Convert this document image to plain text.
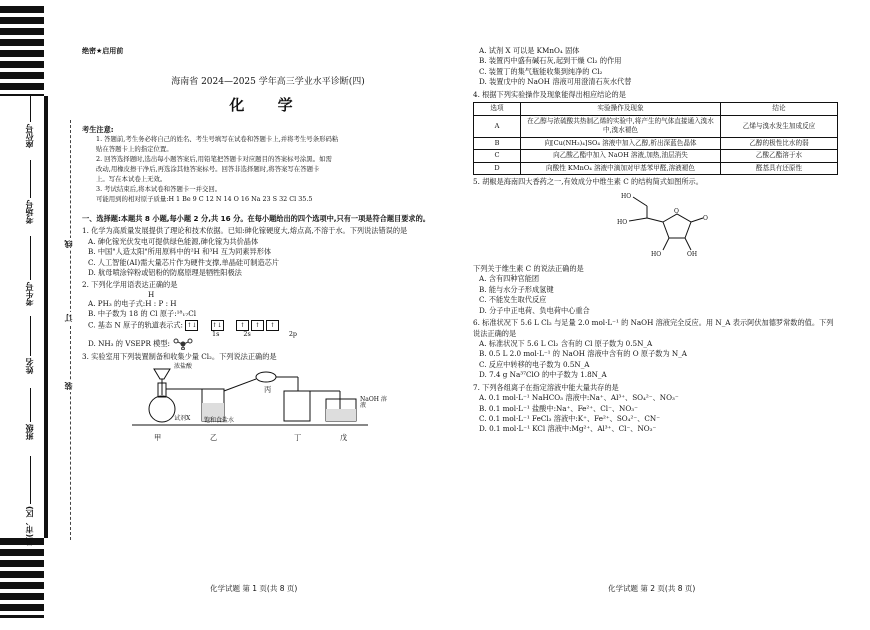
座位号
考场号
考生号
姓名
班级
县(市、区)
线
订
装
绝密★启用前
海南省 2024—2025 学年高三学业水平诊断(四)
化 学
考生注意:
1. 答题前,考生务必将自己的姓名、考生号填写在试卷和答题卡上,并将考生号条形码粘
贴在答题卡上的指定位置。
2. 回答选择题时,选出每小题答案后,用铅笔把答题卡对应题目的答案标号涂黑。如需
改动,用橡皮擦干净后,再选涂其他答案标号。回答非选择题时,将答案写在答题卡
上。写在本试卷上无效。
3. 考试结束后,将本试卷和答题卡一并交回。
可能用到的相对原子质量:H 1 Be 9 C 12 N 14 O 16 Na 23 S 32 Cl 35.5
一、选择题:本题共 8 小题,每小题 2 分,共 16 分。在每小题给出的四个选项中,只有一项是符合题目要求的。
1. 化学为高质量发展提供了理论和技术依据。已知:砷化镓硬度大,熔点高,不溶于水。下列说法错误的是
A. 砷化镓光伏发电可提供绿色能源,砷化镓为共价晶体
B. 中国"人造太阳"所用原料中的²H 和³H 互为同素异形体
C. 人工智能(AI)需大量芯片作为硬件支撑,单晶硅可制造芯片
D. 航母喷涂锌粉或铝粉的防腐原理是牺牲阳极法
2. 下列化学用语表达正确的是
H
A. PH₃ 的电子式:H : P : H
B. 中子数为 18 的 Cl 原子:¹⁸₁₇Cl
C. 基态 N 原子的轨道表示式: ↑↓	↑↓	↑ ↑ ↑
1s	2s	2p
D. NH₃ 的 VSEPR 模型:
3. 实验室用下列装置制备和收集少量 Cl₂。下列说法正确的是
浓盐酸
试剂X 饱和食盐水
NaOH 溶液
甲	乙
丙
丁	戊
A. 试剂 X 可以是 KMnO₄ 固体
B. 装置丙中盛有碱石灰,起到干燥 Cl₂ 的作用
C. 装置丁的集气瓶能收集到纯净的 Cl₂
D. 装置戊中的 NaOH 溶液可用澄清石灰水代替
4. 根据下列实验操作及现象能得出相应结论的是
选项	实验操作及现象	结论
A	在乙醇与浓硫酸共热制乙烯的实验中,将产生的气体直接通入溴水中,溴水褪色	乙烯与溴水发生加成反应
B	向[Cu(NH₃)₄]SO₄ 溶液中加入乙醇,析出深蓝色晶体	乙醇的极性比水的弱
C	向乙酸乙酯中加入 NaOH 溶液,加热,油层消失	乙酸乙酯溶于水
D	向酸性 KMnO₄ 溶液中滴加对甲基苯甲醛,溶液褪色	醛基具有还原性
5. 胡椒是海南四大香药之一,有效成分中维生素 C 的结构简式如图所示。
HO
HO
O
O
HO	OH
下列关于维生素 C 的说法正确的是
A. 含有四种官能团
B. 能与水分子形成氢键
C. 不能发生取代反应
D. 分子中正电荷、负电荷中心重合
6. 标准状况下 5.6 L Cl₂ 与足量 2.0 mol·L⁻¹ 的 NaOH 溶液完全反应。用 N_A 表示阿伏加德罗常数的值。下列说法正确的是
A. 标准状况下 5.6 L Cl₂ 含有的 Cl 原子数为 0.5N_A
B. 0.5 L 2.0 mol·L⁻¹ 的 NaOH 溶液中含有的 O 原子数为 N_A
C. 反应中转移的电子数为 0.5N_A
D. 7.4 g Na³⁷ClO 的中子数为 1.8N_A
7. 下列各组离子在指定溶液中能大量共存的是
A. 0.1 mol·L⁻¹ NaHCO₃ 溶液中:Na⁺、Al³⁺、SO₄²⁻、NO₃⁻
B. 0.1 mol·L⁻¹ 盐酸中:Na⁺、Fe²⁺、Cl⁻、NO₃⁻
C. 0.1 mol·L⁻¹ FeCl₃ 溶液中:K⁺、Fe²⁺、SO₄²⁻、CN⁻
D. 0.1 mol·L⁻¹ KCl 溶液中:Mg²⁺、Al³⁺、Cl⁻、NO₃⁻
化学试题 第 1 页(共 8 页)	化学试题 第 2 页(共 8 页)
